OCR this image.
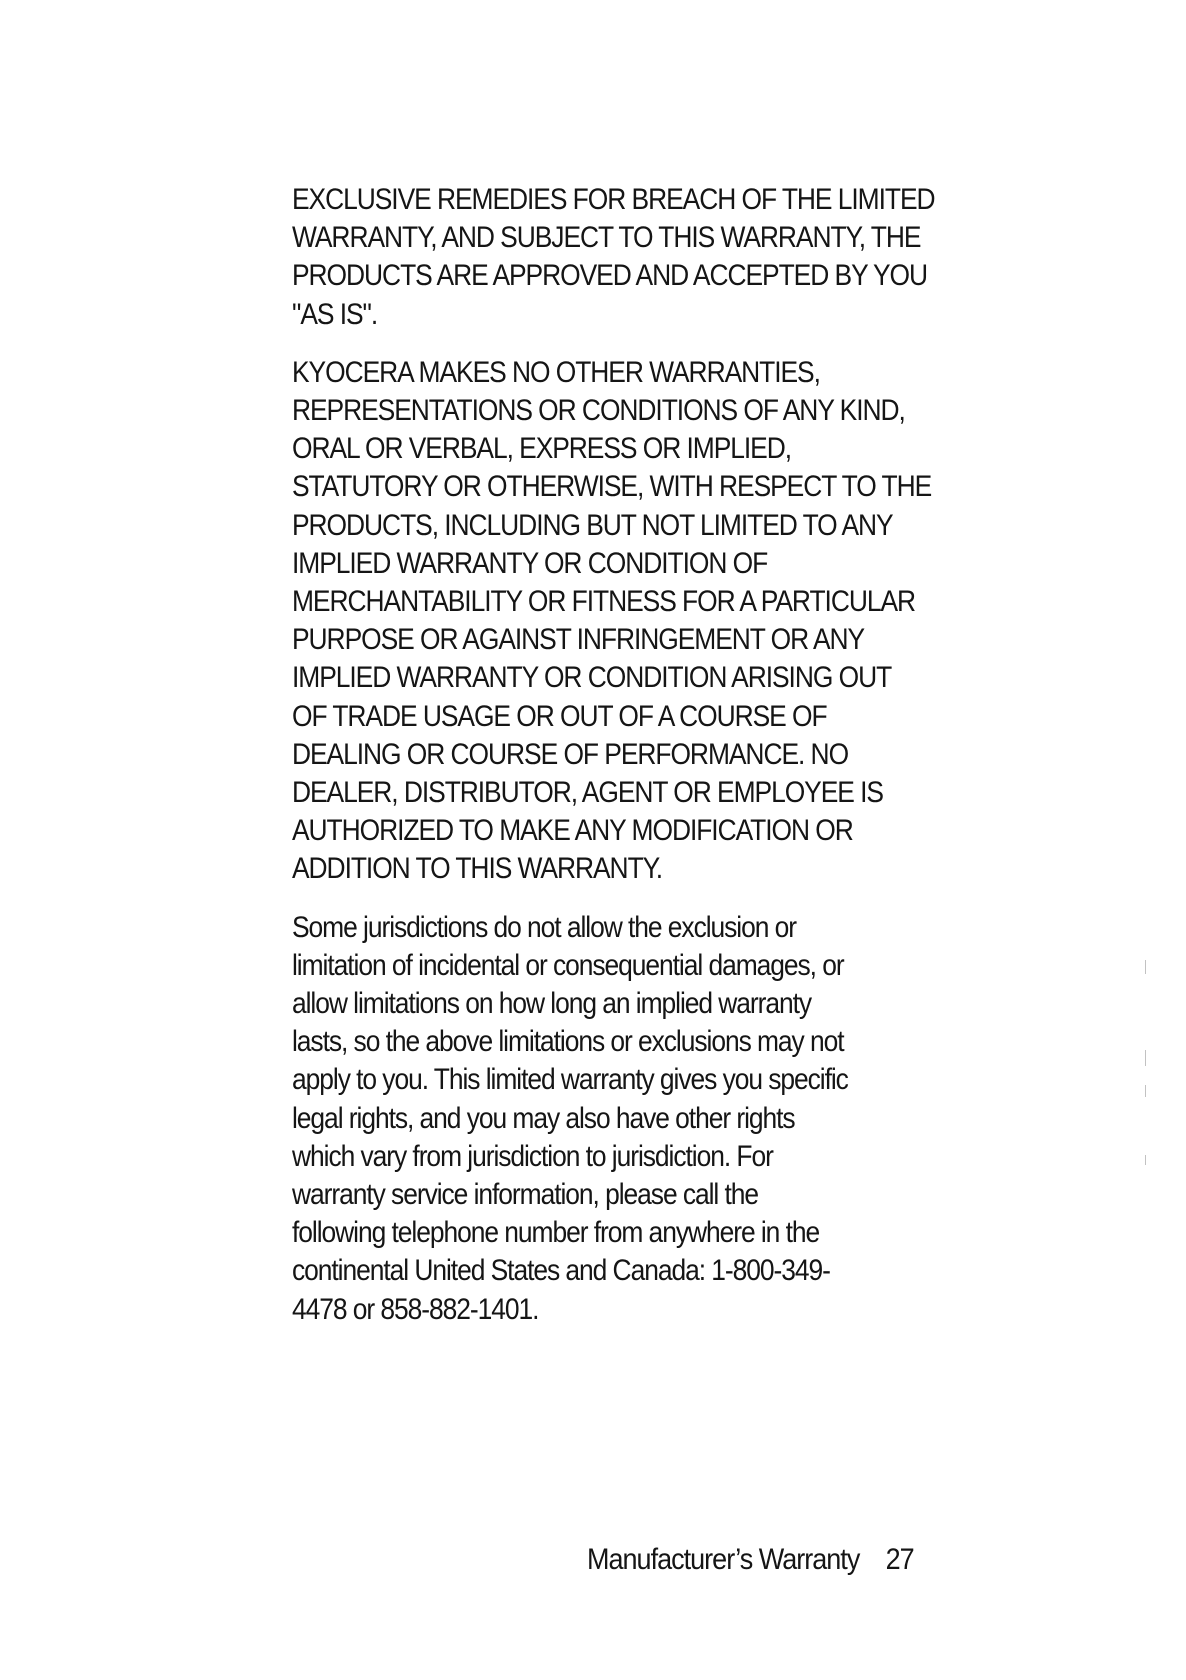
EXCLUSIVE REMEDIES FOR BREACH OF THE LIMITED
WARRANTY, AND SUBJECT TO THIS WARRANTY, THE
PRODUCTS ARE APPROVED AND ACCEPTED BY YOU
"AS IS".

KYOCERA MAKES NO OTHER WARRANTIES,
REPRESENTATIONS OR CONDITIONS OF ANY KIND,
ORAL OR VERBAL, EXPRESS OR IMPLIED,
STATUTORY OR OTHERWISE, WITH RESPECT TO THE
PRODUCTS, INCLUDING BUT NOT LIMITED TO ANY
IMPLIED WARRANTY OR CONDITION OF
MERCHANTABILITY OR FITNESS FOR A PARTICULAR
PURPOSE OR AGAINST INFRINGEMENT OR ANY
IMPLIED WARRANTY OR CONDITION ARISING OUT
OF TRADE USAGE OR OUT OF A COURSE OF
DEALING OR COURSE OF PERFORMANCE. NO
DEALER, DISTRIBUTOR, AGENT OR EMPLOYEE IS
AUTHORIZED TO MAKE ANY MODIFICATION OR
ADDITION TO THIS WARRANTY.

Some jurisdictions do not allow the exclusion or
limitation of incidental or consequential damages, or
allow limitations on how long an implied warranty
lasts, so the above limitations or exclusions may not
apply to you. This limited warranty gives you specific
legal rights, and you may also have other rights
which vary from jurisdiction to jurisdiction. For
warranty service information, please call the
following telephone number from anywhere in the
continental United States and Canada: 1-800-349-
4478 or 858-882-1401.

Manufacturer’s Warranty 27
